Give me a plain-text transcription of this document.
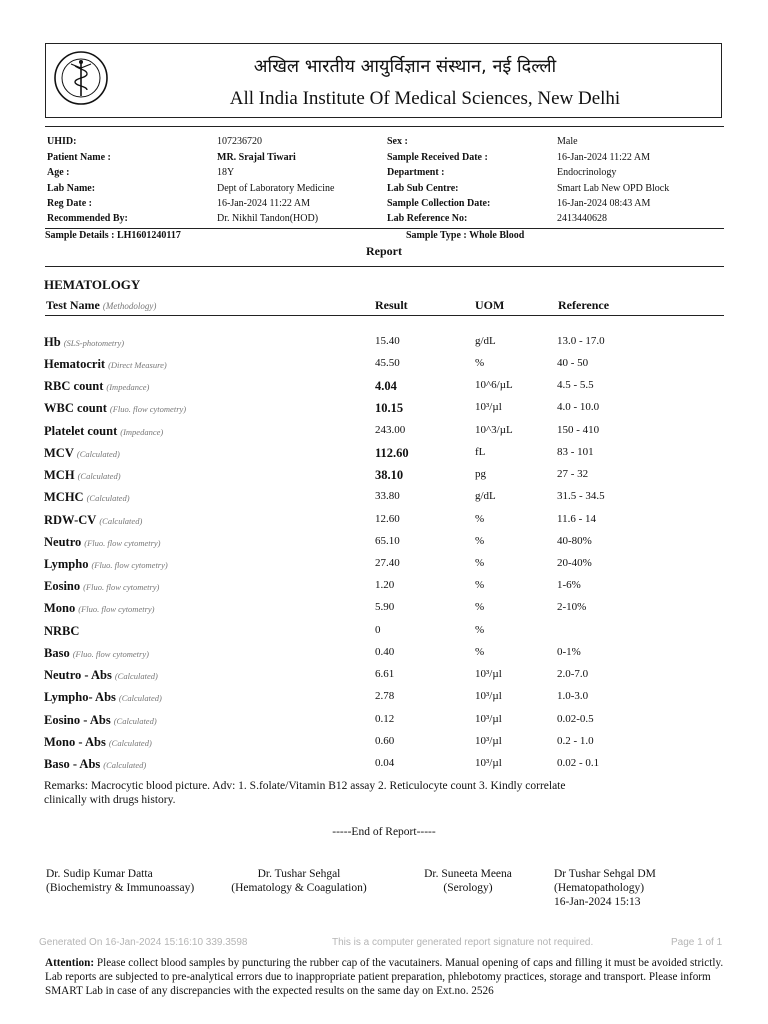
अखिल भारतीय आयुर्विज्ञान संस्थान, नई दिल्ली
All India Institute Of Medical Sciences, New Delhi
UHID:	107236720
Patient Name :	MR. Srajal Tiwari
Age :	18Y
Lab Name:	Dept of Laboratory Medicine
Reg Date :	16-Jan-2024 11:22 AM
Recommended By:	Dr. Nikhil Tandon(HOD)
Sex :	Male
Sample Received Date :	16-Jan-2024 11:22 AM
Department :	Endocrinology
Lab Sub Centre:	Smart Lab New OPD Block
Sample Collection Date:	16-Jan-2024 08:43 AM
Lab Reference No:	2413440628
Sample Details : LH1601240117	Sample Type : Whole Blood
Report
HEMATOLOGY
Test Name (Methodology)	Result	UOM	Reference
Hb (SLS-photometry)	15.40	g/dL	13.0 - 17.0
Hematocrit (Direct Measure)	45.50	%	40 - 50
RBC count (Impedance)	4.04	10^6/µL	4.5 - 5.5
WBC count (Fluo. flow cytometry)	10.15	10³/µl	4.0 - 10.0
Platelet count (Impedance)	243.00	10^3/µL	150 - 410
MCV (Calculated)	112.60	fL	83 - 101
MCH (Calculated)	38.10	pg	27 - 32
MCHC (Calculated)	33.80	g/dL	31.5 - 34.5
RDW-CV (Calculated)	12.60	%	11.6 - 14
Neutro (Fluo. flow cytometry)	65.10	%	40-80%
Lympho (Fluo. flow cytometry)	27.40	%	20-40%
Eosino (Fluo. flow cytometry)	1.20	%	1-6%
Mono (Fluo. flow cytometry)	5.90	%	2-10%
NRBC	0	%
Baso (Fluo. flow cytometry)	0.40	%	0-1%
Neutro - Abs (Calculated)	6.61	10³/µl	2.0-7.0
Lympho- Abs (Calculated)	2.78	10³/µl	1.0-3.0
Eosino - Abs (Calculated)	0.12	10³/µl	0.02-0.5
Mono - Abs (Calculated)	0.60	10³/µl	0.2 - 1.0
Baso - Abs (Calculated)	0.04	10³/µl	0.02 - 0.1
Remarks: Macrocytic blood picture. Adv: 1. S.folate/Vitamin B12 assay 2. Reticulocyte count 3. Kindly correlate clinically with drugs history.
-----End of Report-----
Dr. Sudip Kumar Datta
(Biochemistry & Immunoassay)
Dr. Tushar Sehgal
(Hematology & Coagulation)
Dr. Suneeta Meena
(Serology)
Dr Tushar Sehgal DM
(Hematopathology)
16-Jan-2024 15:13
Generated On 16-Jan-2024 15:16:10 339.3598	This is a computer generated report signature not required.	Page 1 of 1
Attention: Please collect blood samples by puncturing the rubber cap of the vacutainers. Manual opening of caps and filling it must be avoided strictly. Lab reports are subjected to pre-analytical errors due to inappropriate patient preparation, phlebotomy practices, storage and transport. Please inform SMART Lab in case of any discrepancies with the expected results on the same day on Ext.no. 2526
